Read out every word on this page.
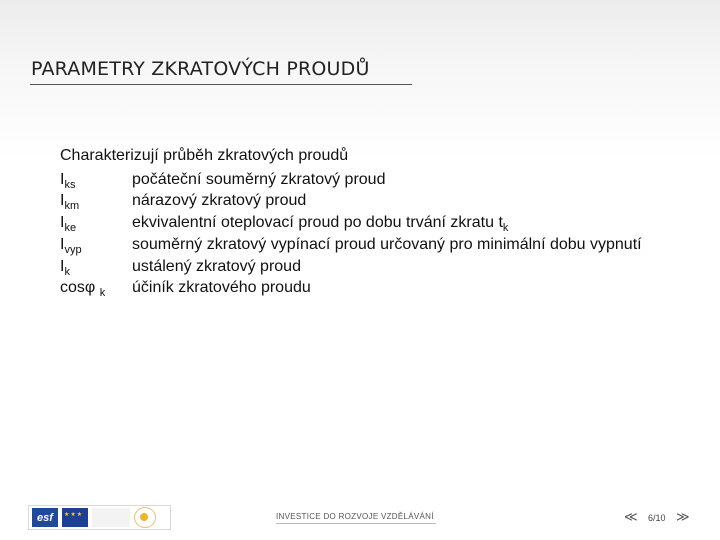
PARAMETRY ZKRATOVÝCH PROUDŮ
Charakterizují průběh zkratových proudů
$I_{ks}$	počáteční souměrný zkratový proud
$I_{km}$	nárazový zkratový proud
$I_{ke}$	ekvivalentní oteplovací proud po dobu trvání zkratu $t_k$
$I_{vyp}$	souměrný zkratový vypínací proud určovaný pro minimální dobu vypnutí
$I_k$	ustálený zkratový proud
cosφ $_k$ účiník zkratového proudu
esf
★★★	INVESTICE DO ROZVOJE VZDĚLÁVÁNÍ	≪ 6/10 ≫
